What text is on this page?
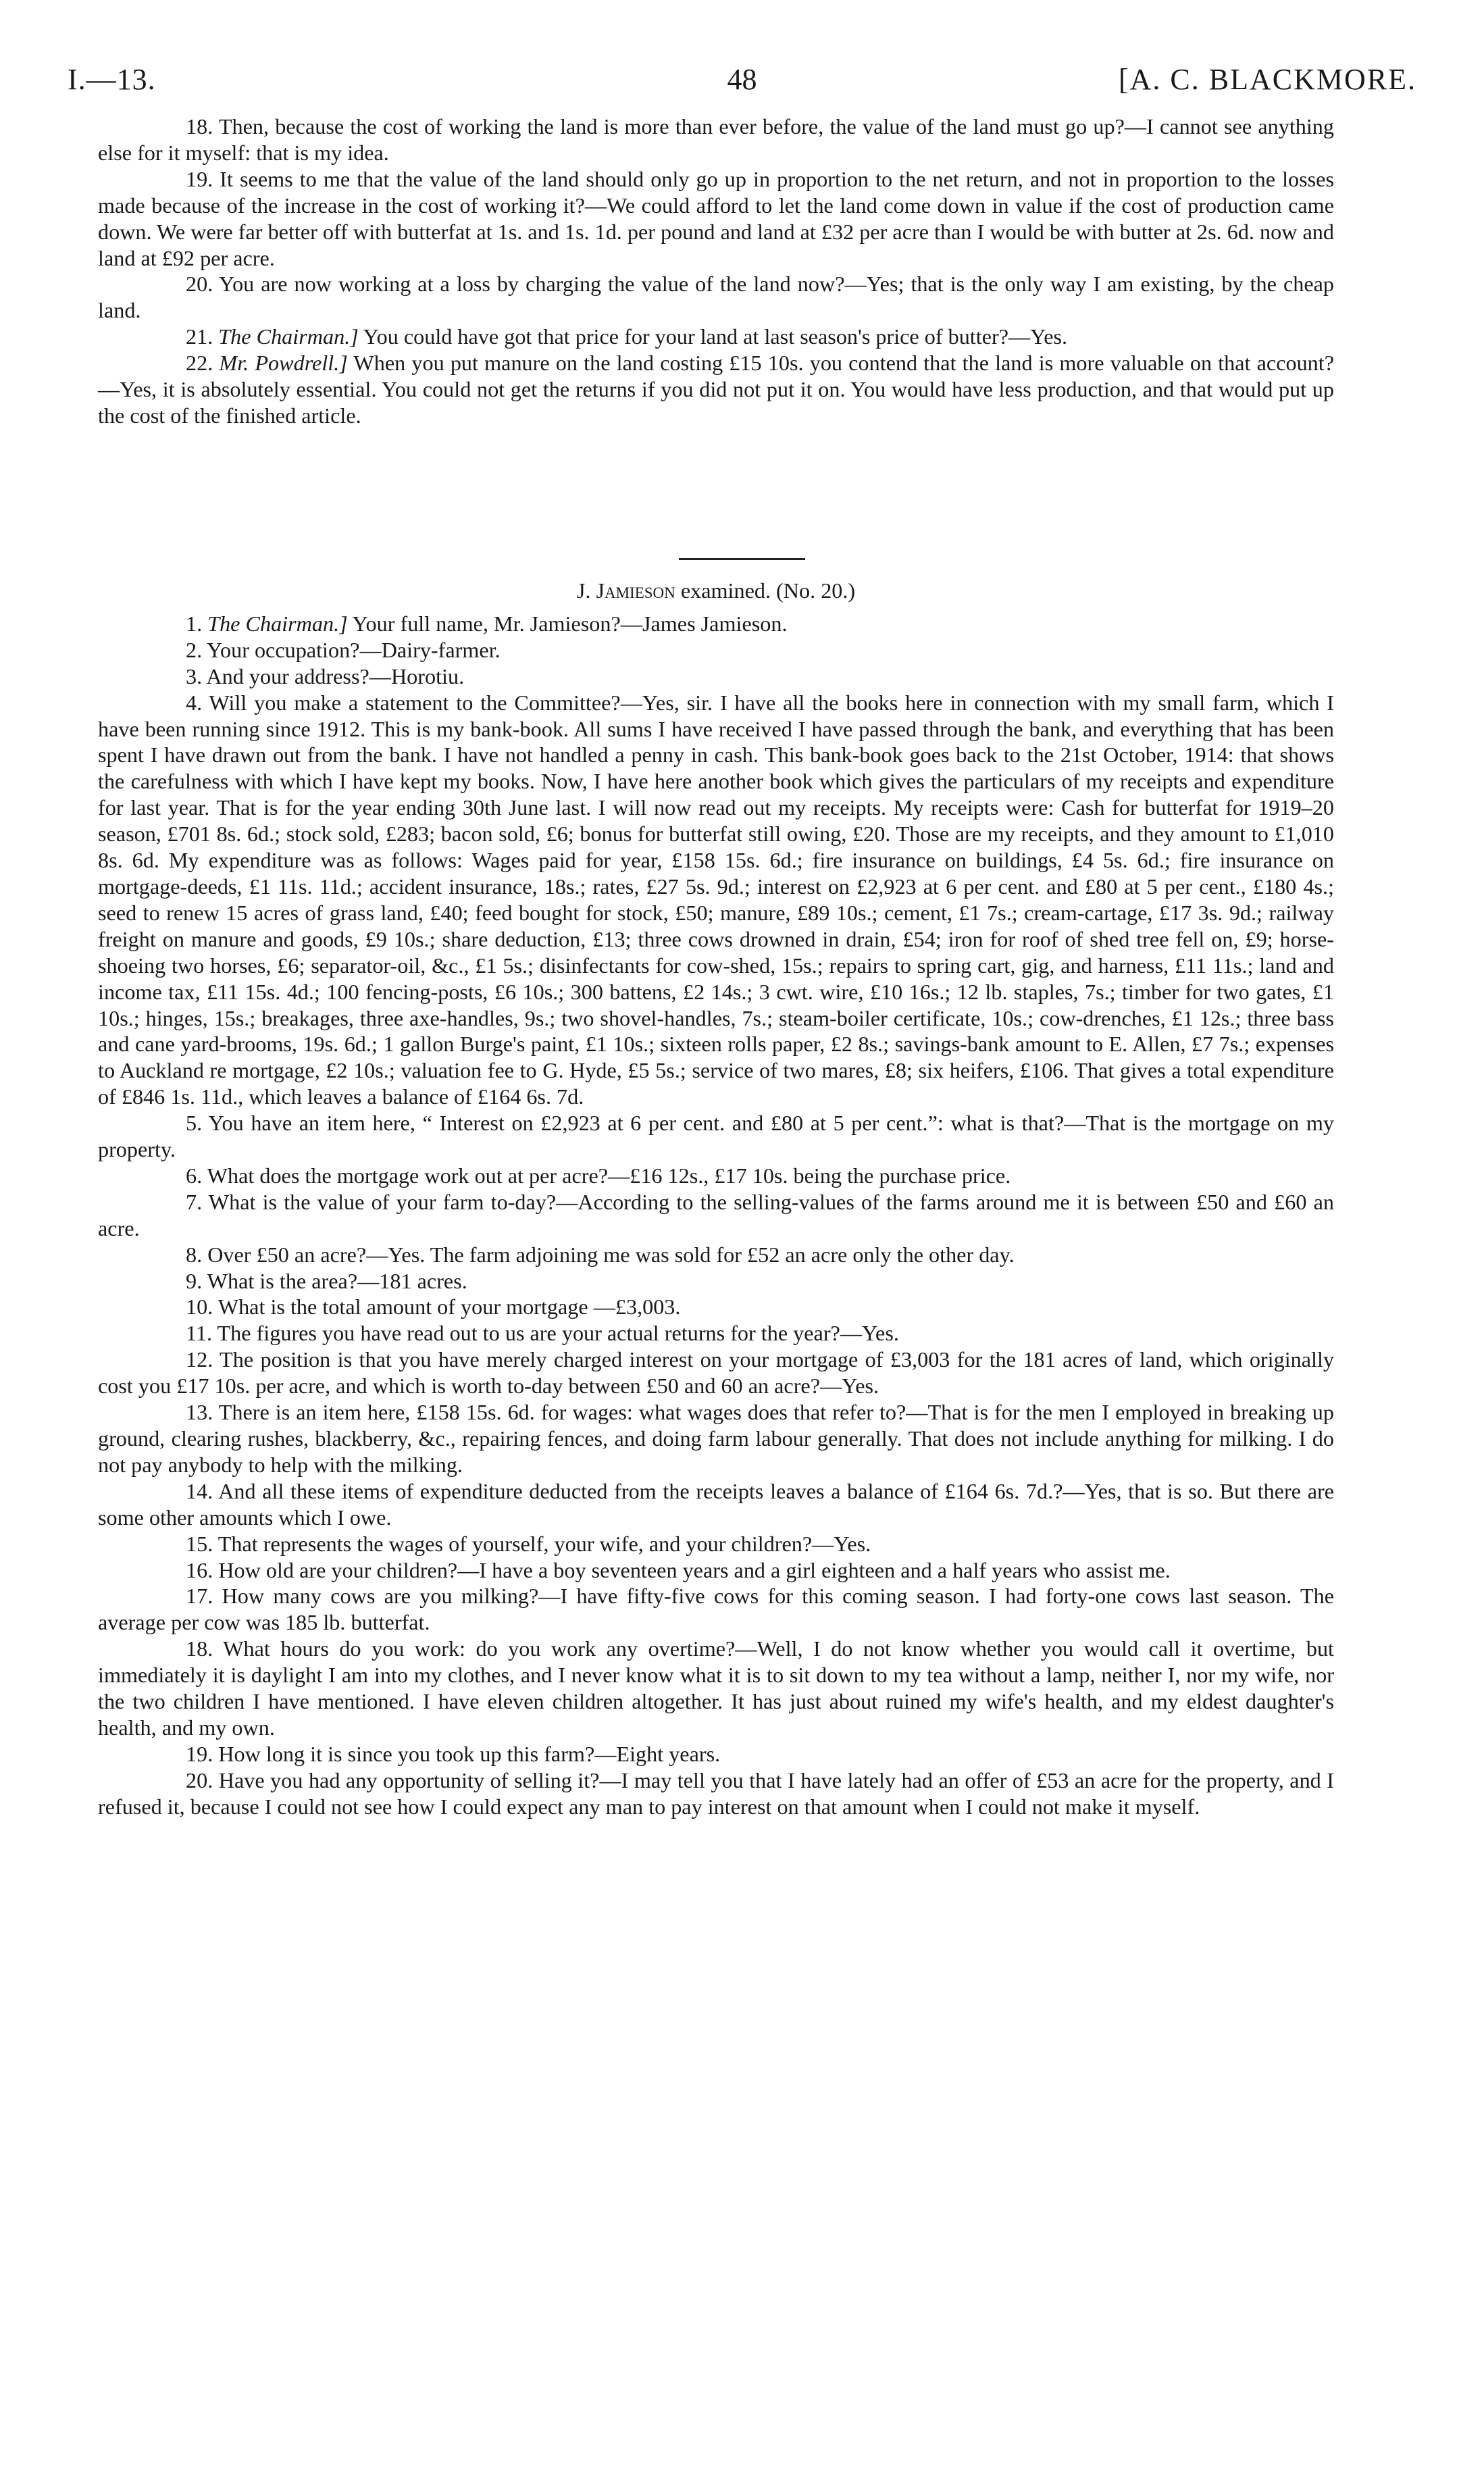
I.—13.	48	[A. C. BLACKMORE.

18. Then, because the cost of working the land is more than ever before, the value of the land must go up?—I cannot see anything else for it myself: that is my idea.

19. It seems to me that the value of the land should only go up in proportion to the net return, and not in proportion to the losses made because of the increase in the cost of working it?—We could afford to let the land come down in value if the cost of production came down. We were far better off with butterfat at 1s. and 1s. 1d. per pound and land at £32 per acre than I would be with butter at 2s. 6d. now and land at £92 per acre.

20. You are now working at a loss by charging the value of the land now?—Yes; that is the only way I am existing, by the cheap land.

21. The Chairman.] You could have got that price for your land at last season's price of butter?—Yes.

22. Mr. Powdrell.] When you put manure on the land costing £15 10s. you contend that the land is more valuable on that account?—Yes, it is absolutely essential. You could not get the returns if you did not put it on. You would have less production, and that would put up the cost of the finished article.

J. Jamieson examined. (No. 20.)

1. The Chairman.] Your full name, Mr. Jamieson?—James Jamieson.

2. Your occupation?—Dairy-farmer.

3. And your address?—Horotiu.

4. Will you make a statement to the Committee?—Yes, sir. I have all the books here in connection with my small farm, which I have been running since 1912. This is my bank-book. All sums I have received I have passed through the bank, and everything that has been spent I have drawn out from the bank. I have not handled a penny in cash. This bank-book goes back to the 21st October, 1914: that shows the carefulness with which I have kept my books. Now, I have here another book which gives the particulars of my receipts and expenditure for last year. That is for the year ending 30th June last. I will now read out my receipts. My receipts were: Cash for butterfat for 1919–20 season, £701 8s. 6d.; stock sold, £283; bacon sold, £6; bonus for butterfat still owing, £20. Those are my receipts, and they amount to £1,010 8s. 6d. My expenditure was as follows: Wages paid for year, £158 15s. 6d.; fire insurance on buildings, £4 5s. 6d.; fire insurance on mortgage-deeds, £1 11s. 11d.; accident insurance, 18s.; rates, £27 5s. 9d.; interest on £2,923 at 6 per cent. and £80 at 5 per cent., £180 4s.; seed to renew 15 acres of grass land, £40; feed bought for stock, £50; manure, £89 10s.; cement, £1 7s.; cream-cartage, £17 3s. 9d.; railway freight on manure and goods, £9 10s.; share deduction, £13; three cows drowned in drain, £54; iron for roof of shed tree fell on, £9; horse-shoeing two horses, £6; separator-oil, &c., £1 5s.; disinfectants for cow-shed, 15s.; repairs to spring cart, gig, and harness, £11 11s.; land and income tax, £11 15s. 4d.; 100 fencing-posts, £6 10s.; 300 battens, £2 14s.; 3 cwt. wire, £10 16s.; 12 lb. staples, 7s.; timber for two gates, £1 10s.; hinges, 15s.; breakages, three axe-handles, 9s.; two shovel-handles, 7s.; steam-boiler certificate, 10s.; cow-drenches, £1 12s.; three bass and cane yard-brooms, 19s. 6d.; 1 gallon Burge's paint, £1 10s.; sixteen rolls paper, £2 8s.; savings-bank amount to E. Allen, £7 7s.; expenses to Auckland re mortgage, £2 10s.; valuation fee to G. Hyde, £5 5s.; service of two mares, £8; six heifers, £106. That gives a total expenditure of £846 1s. 11d., which leaves a balance of £164 6s. 7d.

5. You have an item here, “ Interest on £2,923 at 6 per cent. and £80 at 5 per cent.”: what is that?—That is the mortgage on my property.

6. What does the mortgage work out at per acre?—£16 12s., £17 10s. being the purchase price.

7. What is the value of your farm to-day?—According to the selling-values of the farms around me it is between £50 and £60 an acre.

8. Over £50 an acre?—Yes. The farm adjoining me was sold for £52 an acre only the other day.

9. What is the area?—181 acres.

10. What is the total amount of your mortgage —£3,003.

11. The figures you have read out to us are your actual returns for the year?—Yes.

12. The position is that you have merely charged interest on your mortgage of £3,003 for the 181 acres of land, which originally cost you £17 10s. per acre, and which is worth to-day between £50 and 60 an acre?—Yes.

13. There is an item here, £158 15s. 6d. for wages: what wages does that refer to?—That is for the men I employed in breaking up ground, clearing rushes, blackberry, &c., repairing fences, and doing farm labour generally. That does not include anything for milking. I do not pay anybody to help with the milking.

14. And all these items of expenditure deducted from the receipts leaves a balance of £164 6s. 7d.?—Yes, that is so. But there are some other amounts which I owe.

15. That represents the wages of yourself, your wife, and your children?—Yes.

16. How old are your children?—I have a boy seventeen years and a girl eighteen and a half years who assist me.

17. How many cows are you milking?—I have fifty-five cows for this coming season. I had forty-one cows last season. The average per cow was 185 lb. butterfat.

18. What hours do you work: do you work any overtime?—Well, I do not know whether you would call it overtime, but immediately it is daylight I am into my clothes, and I never know what it is to sit down to my tea without a lamp, neither I, nor my wife, nor the two children I have mentioned. I have eleven children altogether. It has just about ruined my wife's health, and my eldest daughter's health, and my own.

19. How long it is since you took up this farm?—Eight years.

20. Have you had any opportunity of selling it?—I may tell you that I have lately had an offer of £53 an acre for the property, and I refused it, because I could not see how I could expect any man to pay interest on that amount when I could not make it myself.
